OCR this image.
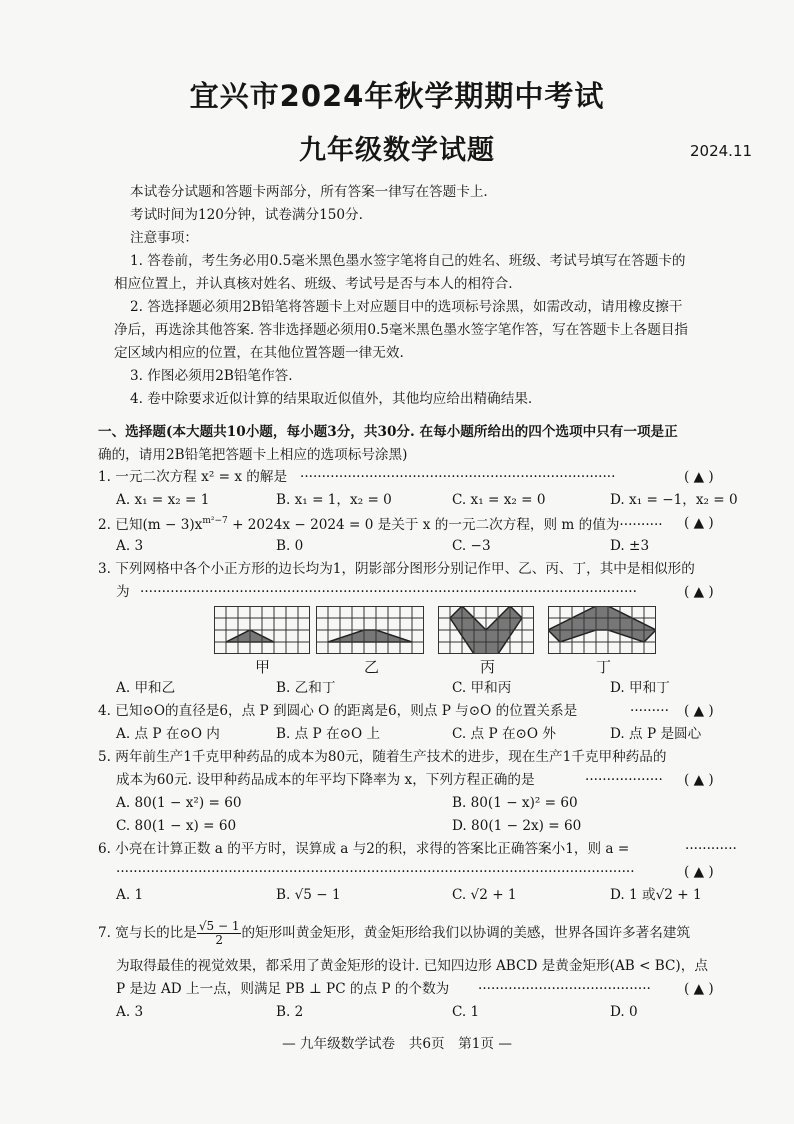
宜兴市2024年秋学期期中考试
九年级数学试题	2024.11
本试卷分试题和答题卡两部分，所有答案一律写在答题卡上.
考试时间为120分钟，试卷满分150分.
注意事项：
1. 答卷前，考生务必用0.5毫米黑色墨水签字笔将自己的姓名、班级、考试号填写在答题卡的
相应位置上，并认真核对姓名、班级、考试号是否与本人的相符合.
2. 答选择题必须用2B铅笔将答题卡上对应题目中的选项标号涂黑，如需改动，请用橡皮擦干
净后，再选涂其他答案. 答非选择题必须用0.5毫米黑色墨水签字笔作答，写在答题卡上各题目指
定区域内相应的位置，在其他位置答题一律无效.
3. 作图必须用2B铅笔作答.
4. 卷中除要求近似计算的结果取近似值外，其他均应给出精确结果.
一、选择题(本大题共10小题，每小题3分，共30分. 在每小题所给出的四个选项中只有一项是正
确的，请用2B铅笔把答题卡上相应的选项标号涂黑)
1. 一元二次方程 x² = x 的解是 ·········································································	( ▲ )
A. x₁ = x₂ = 1	B. x₁ = 1，x₂ = 0	C. x₁ = x₂ = 0	D. x₁ = −1，x₂ = 0
2. 已知$(m - 3)x^{m^2-7} + 2024x - 2024 = 0$ 是关于 x 的一元二次方程，则 m 的值为·········· ( ▲ )
A. 3	B. 0	C. −3	D. ±3
3. 下列网格中各个小正方形的边长均为1，阴影部分图形分别记作甲、乙、丙、丁，其中是相似形的
为 ···················································································································	( ▲ )
甲	乙	丙	丁
A. 甲和乙	B. 乙和丁	C. 甲和丙	D. 甲和丁
4. 已知⊙O的直径是6，点 P 到圆心 O 的距离是6，则点 P 与⊙O 的位置关系是	·········	( ▲ )
A. 点 P 在⊙O 内	B. 点 P 在⊙O 上	C. 点 P 在⊙O 外	D. 点 P 是圆心
5. 两年前生产1千克甲种药品的成本为80元，随着生产技术的进步，现在生产1千克甲种药品的
成本为60元. 设甲种药品成本的年平均下降率为 x，下列方程正确的是	··················	( ▲ )
A. 80(1 − x²) = 60	B. 80(1 − x)² = 60
C. 80(1 − x) = 60	D. 80(1 − 2x) = 60
6. 小亮在计算正数 a 的平方时，误算成 a 与2的积，求得的答案比正确答案小1，则 a =	············
························································································································	( ▲ )
A. 1	B. √5 − 1	C. √2 + 1	D. 1 或√2 + 1
7. 宽与长的比是 $\frac{√5 - 1}{2}$ 的矩形叫黄金矩形，黄金矩形给我们以协调的美感，世界各国许多著名建筑
为取得最佳的视觉效果，都采用了黄金矩形的设计. 已知四边形 ABCD 是黄金矩形(AB < BC)，点
P 是边 AD 上一点，则满足 PB ⊥ PC 的点 P 的个数为 ········································	( ▲ )
A. 3	B. 2	C. 1	D. 0
— 九年级数学试卷　共6页　第1页 —
